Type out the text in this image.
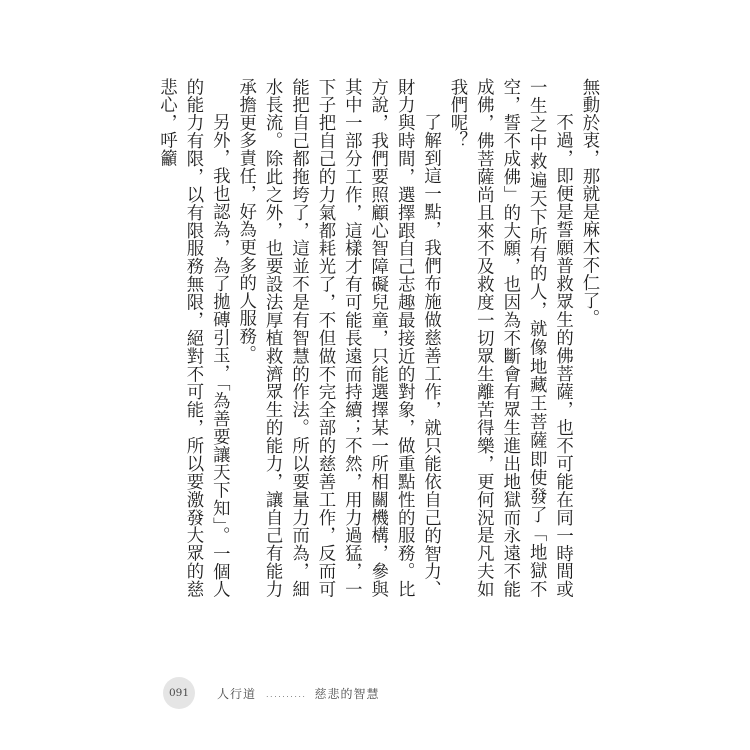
無動於衷，那就是麻木不仁了。

不過，即便是誓願普救眾生的佛菩薩，也不可能在同一時間或一生之中救遍天下所有的人，就像地藏王菩薩即使發了「地獄不空，誓不成佛」的大願，也因為不斷會有眾生進出地獄而永遠不能成佛，佛菩薩尚且來不及救度一切眾生離苦得樂，更何況是凡夫如我們呢？

了解到這一點，我們布施做慈善工作，就只能依自己的智力、財力與時間，選擇跟自己志趣最接近的對象，做重點性的服務。比方說，我們要照顧心智障礙兒童，只能選擇某一所相關機構，參與其中一部分工作，這樣才有可能長遠而持續；不然，用力過猛，一下子把自己的力氣都耗光了，不但做不完全部的慈善工作，反而可能把自己都拖垮了，這並不是有智慧的作法。所以要量力而為，細水長流。除此之外，也要設法厚植救濟眾生的能力，讓自己有能力承擔更多責任，好為更多的人服務。

另外，我也認為，為了拋磚引玉，「為善要讓天下知」。一個人的能力有限，以有限服務無限，絕對不可能，所以要激發大眾的慈悲心，呼籲

091	人行道 .......... 慈悲的智慧
